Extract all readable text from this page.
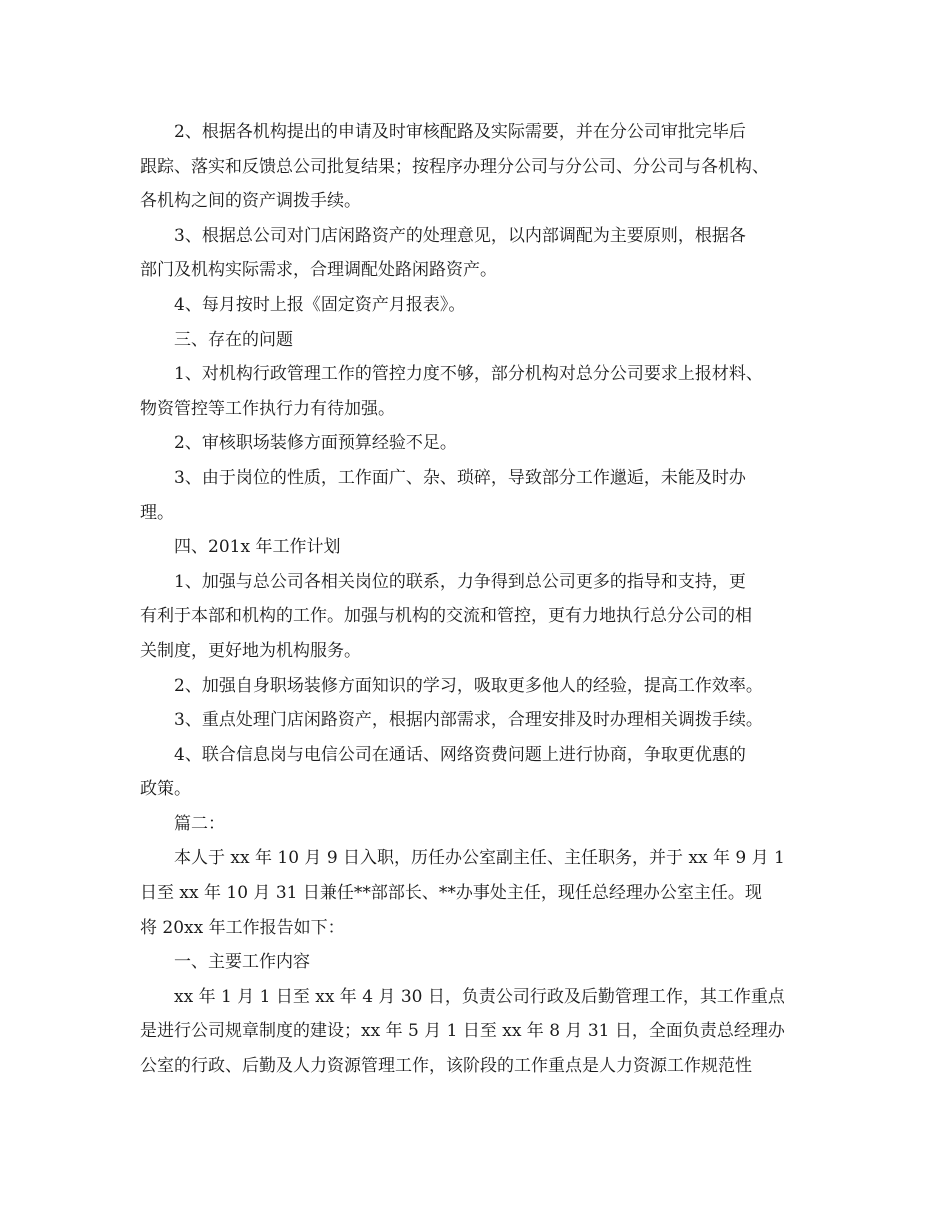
2、根据各机构提出的申请及时审核配路及实际需要，并在分公司审批完毕后
跟踪、落实和反馈总公司批复结果；按程序办理分公司与分公司、分公司与各机构、
各机构之间的资产调拨手续。
3、根据总公司对门店闲路资产的处理意见，以内部调配为主要原则，根据各
部门及机构实际需求，合理调配处路闲路资产。
4、每月按时上报《固定资产月报表》。
三、存在的问题
1、对机构行政管理工作的管控力度不够，部分机构对总分公司要求上报材料、
物资管控等工作执行力有待加强。
2、审核职场装修方面预算经验不足。
3、由于岗位的性质，工作面广、杂、琐碎，导致部分工作邋逅，未能及时办
理。
四、201x 年工作计划
1、加强与总公司各相关岗位的联系，力争得到总公司更多的指导和支持，更
有利于本部和机构的工作。加强与机构的交流和管控，更有力地执行总分公司的相
关制度，更好地为机构服务。
2、加强自身职场装修方面知识的学习，吸取更多他人的经验，提高工作效率。
3、重点处理门店闲路资产，根据内部需求，合理安排及时办理相关调拨手续。
4、联合信息岗与电信公司在通话、网络资费问题上进行协商，争取更优惠的
政策。
篇二：
本人于 xx 年 10 月 9 日入职，历任办公室副主任、主任职务，并于 xx 年 9 月 1
日至 xx 年 10 月 31 日兼任**部部长、**办事处主任，现任总经理办公室主任。现
将 20xx 年工作报告如下：
一、主要工作内容
xx 年 1 月 1 日至 xx 年 4 月 30 日，负责公司行政及后勤管理工作，其工作重点
是进行公司规章制度的建设；xx 年 5 月 1 日至 xx 年 8 月 31 日，全面负责总经理办
公室的行政、后勤及人力资源管理工作，该阶段的工作重点是人力资源工作规范性
